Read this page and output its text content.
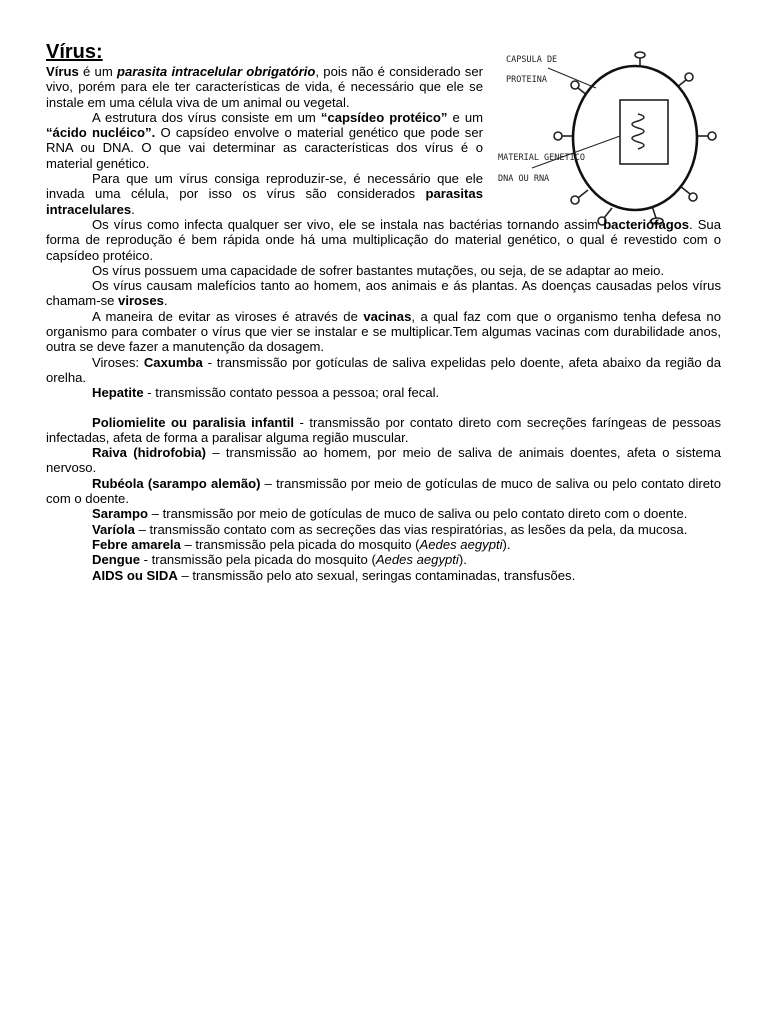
CAPSULA DE
PROTEINA
MATERIAL GENETICO
DNA OU RNA
Vírus:

Vírus é um parasita intracelular obrigatório, pois não é considerado ser vivo, porém para ele ter características de vida, é necessário que ele se instale em uma célula viva de um animal ou vegetal.

A estrutura dos vírus consiste em um “capsídeo protéico” e um “ácido nucléico”. O capsídeo envolve o material genético que pode ser RNA ou DNA. O que vai determinar as características dos vírus é o material genético.

Para que um vírus consiga reproduzir-se, é necessário que ele invada uma célula, por isso os vírus são considerados parasitas intracelulares.

Os vírus como infecta qualquer ser vivo, ele se instala nas bactérias tornando assim bacteriófagos. Sua forma de reprodução é bem rápida onde há uma multiplicação do material genético, o qual é revestido com o capsídeo protéico.

Os vírus possuem uma capacidade de sofrer bastantes mutações, ou seja, de se adaptar ao meio.

Os vírus causam malefícios tanto ao homem, aos animais e ás plantas. As doenças causadas pelos vírus chamam-se viroses.

A maneira de evitar as viroses é através de vacinas, a qual faz com que o organismo tenha defesa no organismo para combater o vírus que vier se instalar e se multiplicar.Tem algumas vacinas com durabilidade anos, outra se deve fazer a manutenção da dosagem.

Viroses: Caxumba - transmissão por gotículas de saliva expelidas pelo doente, afeta abaixo da região da orelha.

Hepatite - transmissão contato pessoa a pessoa; oral fecal.

Poliomielite ou paralisia infantil - transmissão por contato direto com secreções faríngeas de pessoas infectadas, afeta de forma a paralisar alguma região muscular.

Raiva (hidrofobia) – transmissão ao homem, por meio de saliva de animais doentes, afeta o sistema nervoso.

Rubéola (sarampo alemão) – transmissão por meio de gotículas de muco de saliva ou pelo contato direto com o doente.

Sarampo – transmissão por meio de gotículas de muco de saliva ou pelo contato direto com o doente.

Varíola – transmissão contato com as secreções das vias respiratórias, as lesões da pela, da mucosa.

Febre amarela – transmissão pela picada do mosquito (Aedes aegypti).

Dengue - transmissão pela picada do mosquito (Aedes aegypti).

AIDS ou SIDA – transmissão pelo ato sexual, seringas contaminadas, transfusões.
